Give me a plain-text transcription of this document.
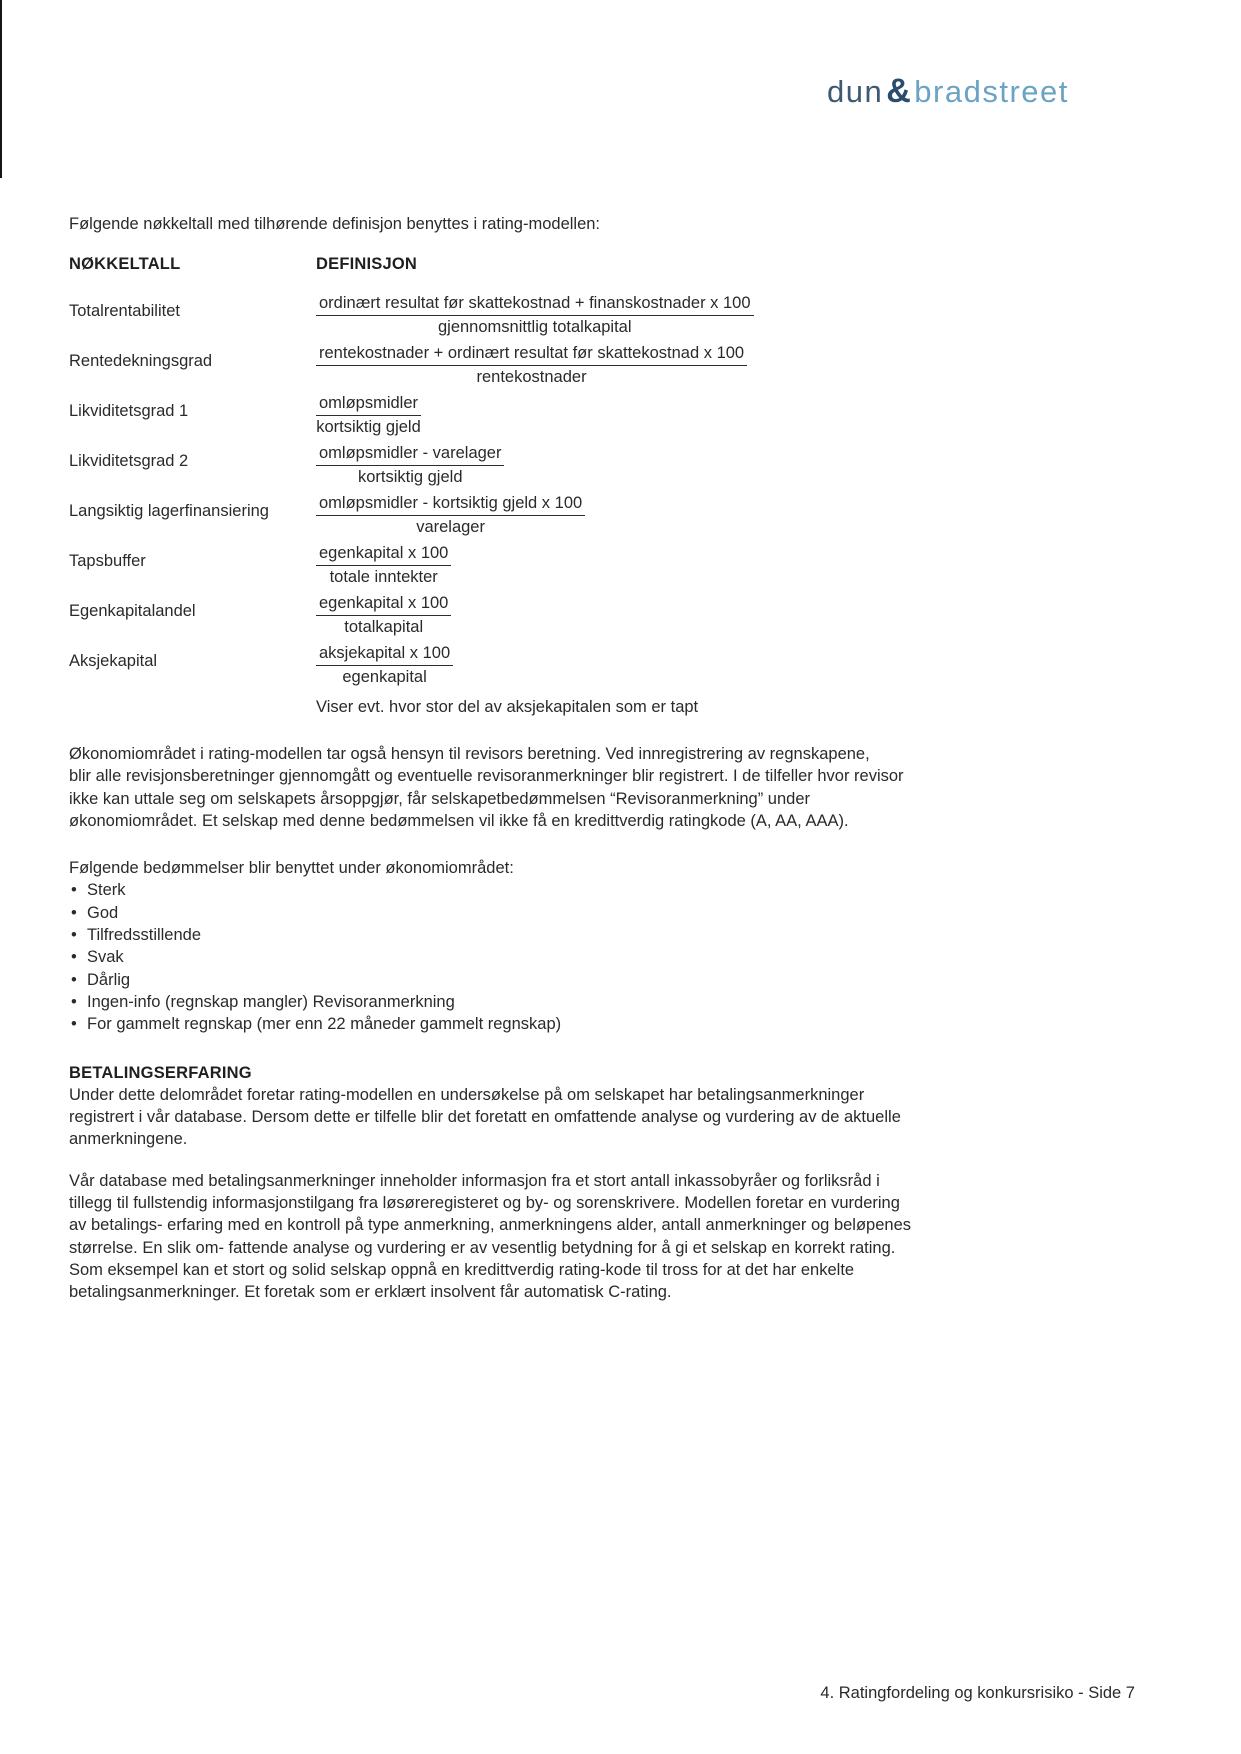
dun&bradstreet

Følgende nøkkeltall med tilhørende definisjon benyttes i rating-modellen:

NØKKELTALL	DEFINISJON
Totalrentabilitet	$\frac{\text{ordinært resultat før skattekostnad + finanskostnader x 100}}{\text{gjennomsnittlig totalkapital}}$
Rentedekningsgrad	$\frac{\text{rentekostnader + ordinært resultat før skattekostnad x 100}}{\text{rentekostnader}}$
Likviditetsgrad 1	$\frac{\text{omløpsmidler}}{\text{kortsiktig gjeld}}$
Likviditetsgrad 2	$\frac{\text{omløpsmidler - varelager}}{\text{kortsiktig gjeld}}$
Langsiktig lagerfinansiering	$\frac{\text{omløpsmidler - kortsiktig gjeld x 100}}{\text{varelager}}$
Tapsbuffer	$\frac{\text{egenkapital x 100}}{\text{totale inntekter}}$
Egenkapitalandel	$\frac{\text{egenkapital x 100}}{\text{totalkapital}}$
Aksjekapital	$\frac{\text{aksjekapital x 100}}{\text{egenkapital}}$
Viser evt. hvor stor del av aksjekapitalen som er tapt
Økonomiområdet i rating-modellen tar også hensyn til revisors beretning. Ved innregistrering av regnskapene,
blir alle revisjonsberetninger gjennomgått og eventuelle revisoranmerkninger blir registrert. I de tilfeller hvor revisor
ikke kan uttale seg om selskapets årsoppgjør, får selskapetbedømmelsen “Revisoranmerkning” under
økonomiområdet. Et selskap med denne bedømmelsen vil ikke få en kredittverdig ratingkode (A, AA, AAA).

Følgende bedømmelser blir benyttet under økonomiområdet:

• Sterk
• God
• Tilfredsstillende
• Svak
• Dårlig
• Ingen-info (regnskap mangler) Revisoranmerkning
• For gammelt regnskap (mer enn 22 måneder gammelt regnskap)
BETALINGSERFARING
Under dette delområdet foretar rating-modellen en undersøkelse på om selskapet har betalingsanmerkninger
registrert i vår database. Dersom dette er tilfelle blir det foretatt en omfattende analyse og vurdering av de aktuelle
anmerkningene.
Vår database med betalingsanmerkninger inneholder informasjon fra et stort antall inkassobyråer og forliksråd i
tillegg til fullstendig informasjonstilgang fra løsøreregisteret og by- og sorenskrivere. Modellen foretar en vurdering
av betalings- erfaring med en kontroll på type anmerkning, anmerkningens alder, antall anmerkninger og beløpenes
størrelse. En slik om- fattende analyse og vurdering er av vesentlig betydning for å gi et selskap en korrekt rating.
Som eksempel kan et stort og solid selskap oppnå en kredittverdig rating-kode til tross for at det har enkelte
betalingsanmerkninger. Et foretak som er erklært insolvent får automatisk C-rating.
4. Ratingfordeling og konkursrisiko - Side 7
